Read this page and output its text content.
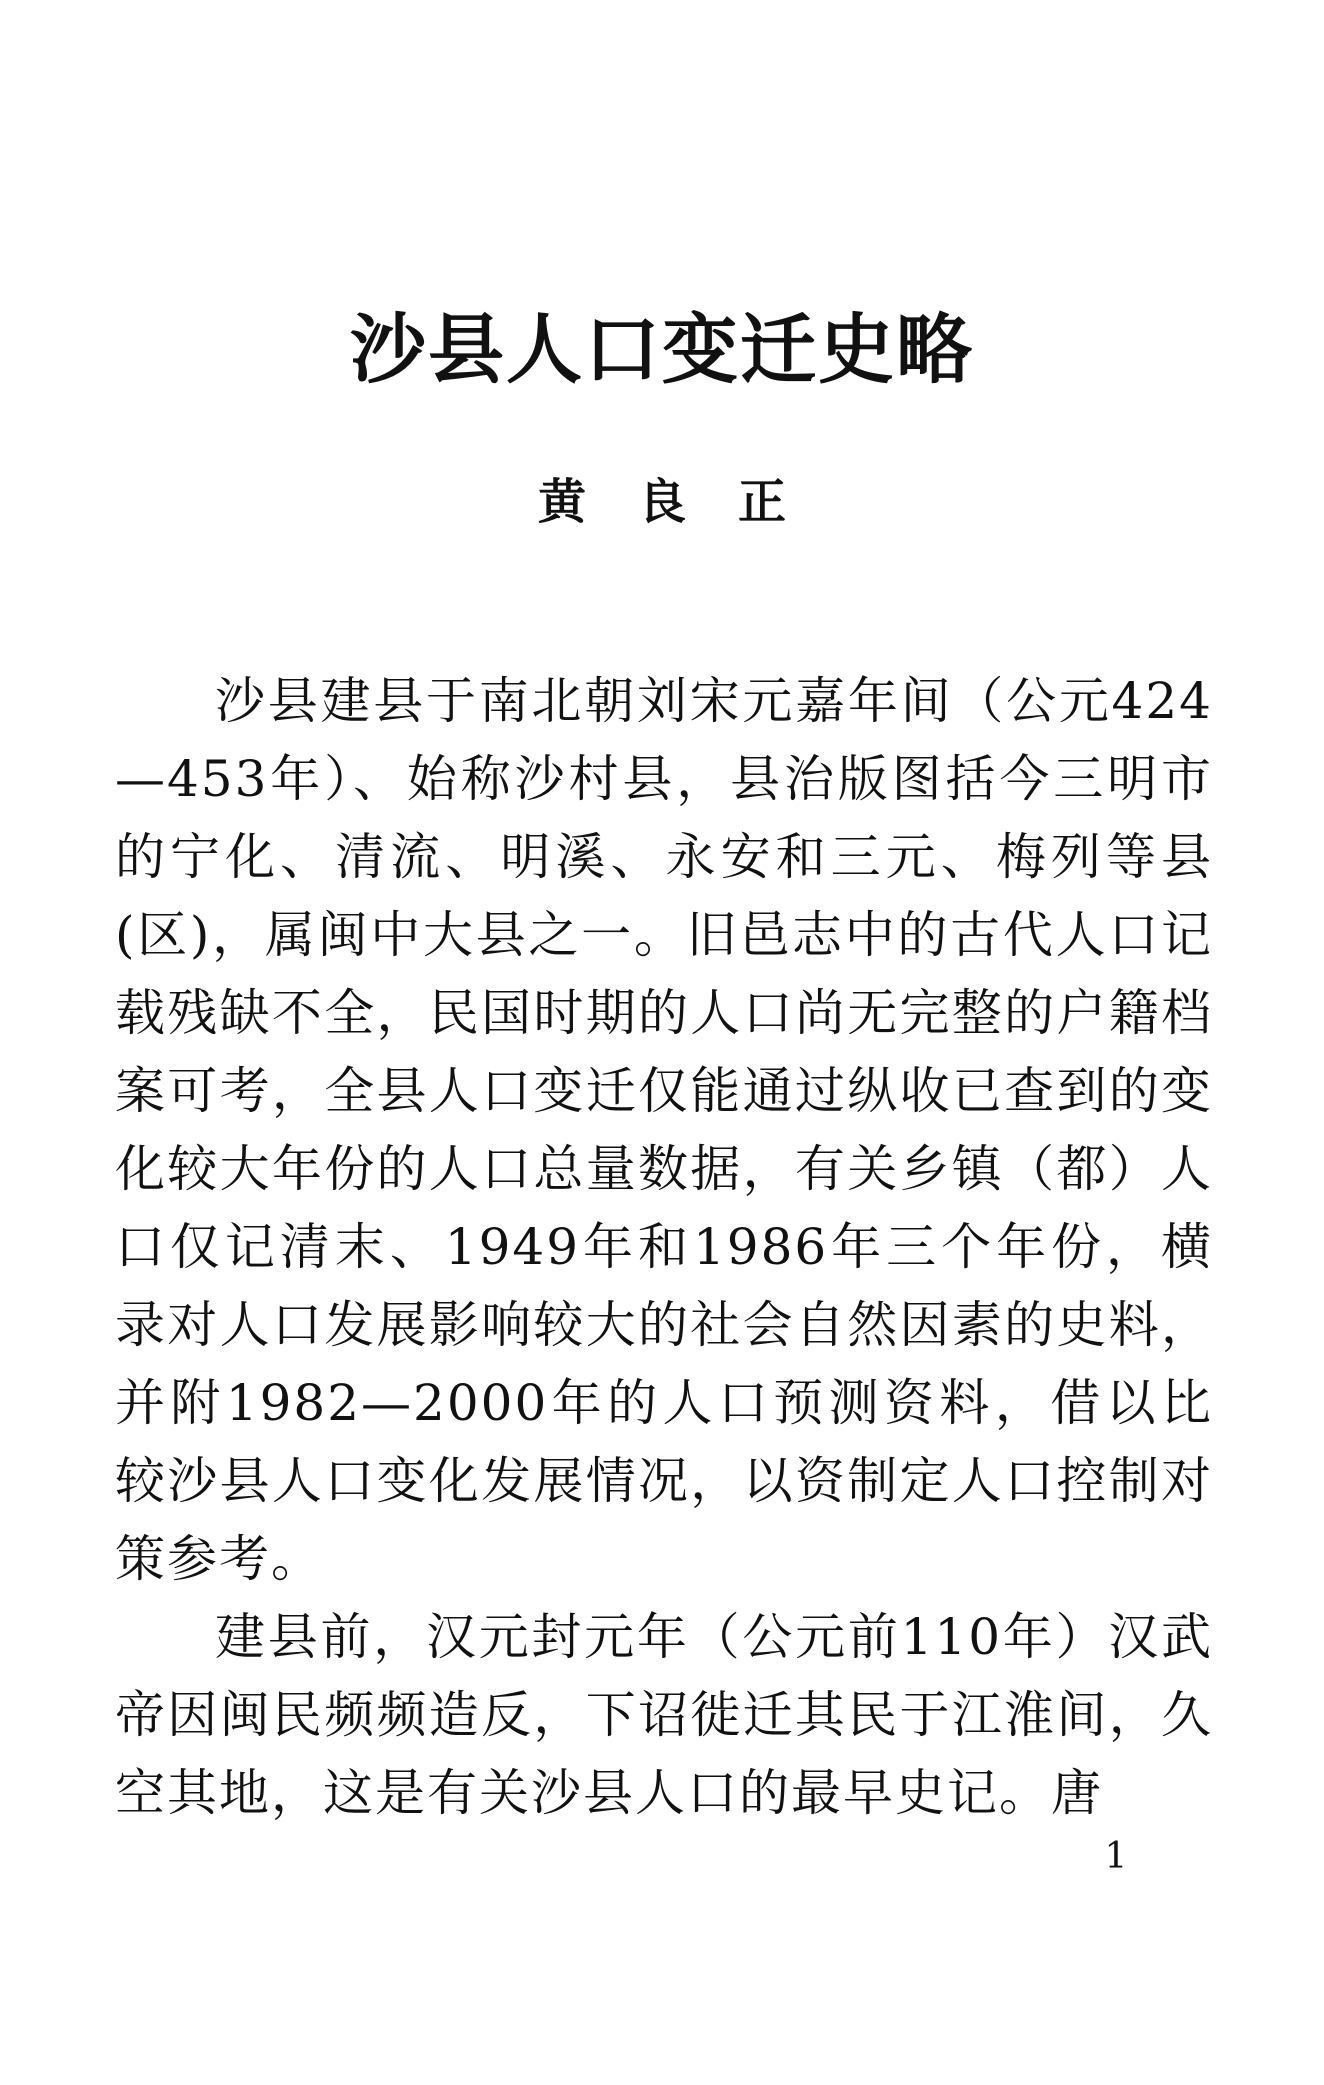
沙县人口变迁史略
黄良正

沙县建县于南北朝刘宋元嘉年间（公元424—453年）、始称沙村县，县治版图括今三明市的宁化、清流、明溪、永安和三元、梅列等县(区)，属闽中大县之一。旧邑志中的古代人口记载残缺不全，民国时期的人口尚无完整的户籍档案可考，全县人口变迁仅能通过纵收已查到的变化较大年份的人口总量数据，有关乡镇（都）人口仅记清末、1949年和1986年三个年份，横录对人口发展影响较大的社会自然因素的史料，并附1982—2000年的人口预测资料，借以比较沙县人口变化发展情况，以资制定人口控制对策参考。

建县前，汉元封元年（公元前110年）汉武帝因闽民频频造反，下诏徙迁其民于江淮间，久空其地，这是有关沙县人口的最早史记。唐

1
